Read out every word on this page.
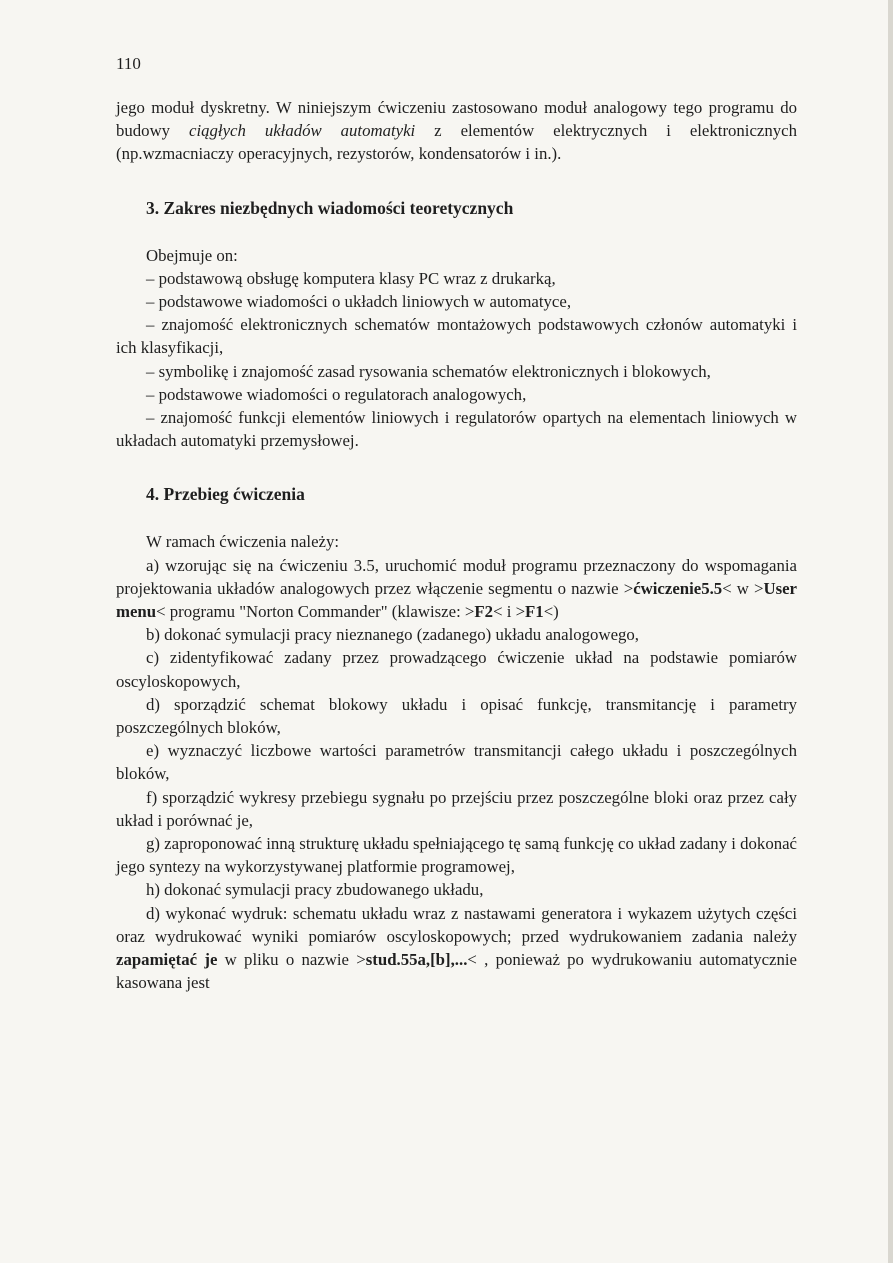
110

jego moduł dyskretny. W niniejszym ćwiczeniu zastosowano moduł analogowy tego programu do budowy ciągłych układów automatyki z elementów elektrycznych i elektronicznych (np.wzmacniaczy operacyjnych, rezystorów, kondensatorów i in.).

3. Zakres niezbędnych wiadomości teoretycznych

Obejmuje on:

– podstawową obsługę komputera klasy PC wraz z drukarką,

– podstawowe wiadomości o układch liniowych w automatyce,

– znajomość elektronicznych schematów montażowych podstawowych członów automatyki i ich klasyfikacji,

– symbolikę i znajomość zasad rysowania schematów elektronicznych i blokowych,

– podstawowe wiadomości o regulatorach analogowych,

– znajomość funkcji elementów liniowych i regulatorów opartych na elementach liniowych w układach automatyki przemysłowej.

4. Przebieg ćwiczenia

W ramach ćwiczenia należy:

a) wzorując się na ćwiczeniu 3.5, uruchomić moduł programu przeznaczony do wspomagania projektowania układów analogowych przez włączenie segmentu o nazwie >ćwiczenie5.5< w >User menu< programu "Norton Commander" (klawisze: >F2< i >F1<)

b) dokonać symulacji pracy nieznanego (zadanego) układu analogowego,

c) zidentyfikować zadany przez prowadzącego ćwiczenie układ na podstawie pomiarów oscyloskopowych,

d) sporządzić schemat blokowy układu i opisać funkcję, transmitancję i parametry poszczególnych bloków,

e) wyznaczyć liczbowe wartości parametrów transmitancji całego układu i poszczególnych bloków,

f) sporządzić wykresy przebiegu sygnału po przejściu przez poszczególne bloki oraz przez cały układ i porównać je,

g) zaproponować inną strukturę układu spełniającego tę samą funkcję co układ zadany i dokonać jego syntezy na wykorzystywanej platformie programowej,

h) dokonać symulacji pracy zbudowanego układu,

d) wykonać wydruk: schematu układu wraz z nastawami generatora i wykazem użytych części oraz wydrukować wyniki pomiarów oscyloskopowych; przed wydrukowaniem zadania należy zapamiętać je w pliku o nazwie >stud.55a,[b],...< , ponieważ po wydrukowaniu automatycznie kasowana jest
